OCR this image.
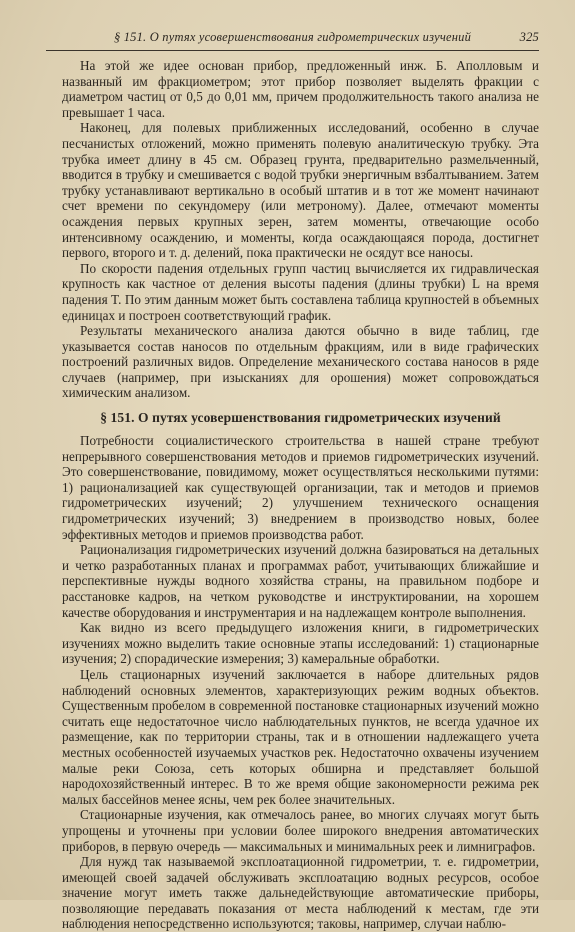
§ 151. О путях усовершенствования гидрометрических изучений	325

На этой же идее основан прибор, предложенный инж. Б. Аполловым и названный им фракциометром; этот прибор позволяет выделять фракции с диаметром частиц от 0,5 до 0,01 мм, причем продолжительность такого анализа не превышает 1 часа.

Наконец, для полевых приближенных исследований, особенно в случае песчанистых отложений, можно применять полевую аналитическую трубку. Эта трубка имеет длину в 45 см. Образец грунта, предварительно размельченный, вводится в трубку и смешивается с водой трубки энергичным взбалтыванием. Затем трубку устанавливают вертикально в особый штатив и в тот же момент начинают счет времени по секундомеру (или метроному). Далее, отмечают моменты осаждения первых крупных зерен, затем моменты, отвечающие особо интенсивному осаждению, и моменты, когда осаждающаяся порода, достигнет первого, второго и т. д. делений, пока практически не осядут все наносы.

По скорости падения отдельных групп частиц вычисляется их гидравлическая крупность как частное от деления высоты падения (длины трубки) L на время падения T. По этим данным может быть составлена таблица крупностей в объемных единицах и построен соответствующий график.

Результаты механического анализа даются обычно в виде таблиц, где указывается состав наносов по отдельным фракциям, или в виде графических построений различных видов. Определение механического состава наносов в ряде случаев (например, при изысканиях для орошения) может сопровождаться химическим анализом.

§ 151. О путях усовершенствования гидрометрических изучений

Потребности социалистического строительства в нашей стране требуют непрерывного совершенствования методов и приемов гидрометрических изучений. Это совершенствование, повидимому, может осуществляться несколькими путями: 1) рационализацией как существующей организации, так и методов и приемов гидрометрических изучений; 2) улучшением технического оснащения гидрометрических изучений; 3) внедрением в производство новых, более эффективных методов и приемов производства работ.

Рационализация гидрометрических изучений должна базироваться на детальных и четко разработанных планах и программах работ, учитывающих ближайшие и перспективные нужды водного хозяйства страны, на правильном подборе и расстановке кадров, на четком руководстве и инструктировании, на хорошем качестве оборудования и инструментария и на надлежащем контроле выполнения.

Как видно из всего предыдущего изложения книги, в гидрометрических изучениях можно выделить такие основные этапы исследований: 1) стационарные изучения; 2) спорадические измерения; 3) камеральные обработки.

Цель стационарных изучений заключается в наборе длительных рядов наблюдений основных элементов, характеризующих режим водных объектов. Существенным пробелом в современной постановке стационарных изучений можно считать еще недостаточное число наблюдательных пунктов, не всегда удачное их размещение, как по территории страны, так и в отношении надлежащего учета местных особенностей изучаемых участков рек. Недостаточно охвачены изучением малые реки Союза, сеть которых обширна и представляет большой народохозяйственный интерес. В то же время общие закономерности режима рек малых бассейнов менее ясны, чем рек более значительных.

Стационарные изучения, как отмечалось ранее, во многих случаях могут быть упрощены и уточнены при условии более широкого внедрения автоматических приборов, в первую очередь — максимальных и минимальных реек и лимниграфов.

Для нужд так называемой эксплоатационной гидрометрии, т. е. гидрометрии, имеющей своей задачей обслуживать эксплоатацию водных ресурсов, особое значение могут иметь также дальнедействующие автоматические приборы, позволяющие передавать показания от места наблюдений к местам, где эти наблюдения непосредственно используются; таковы, например, случаи наблю-
